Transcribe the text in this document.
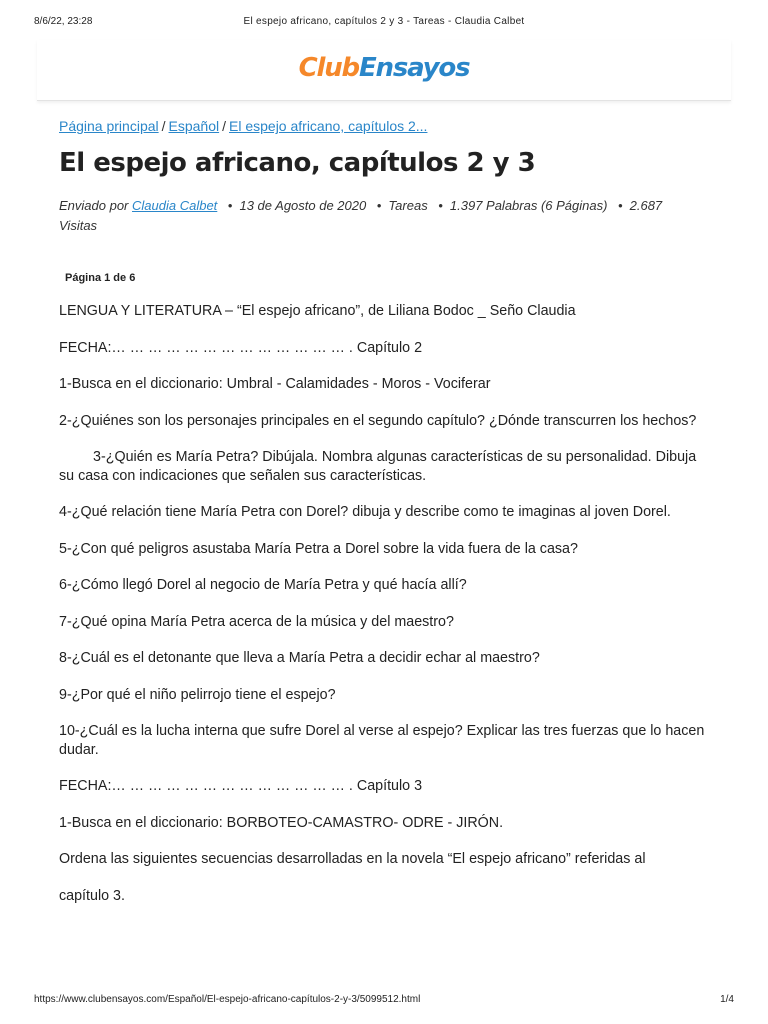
8/6/22, 23:28	El espejo africano, capítulos 2 y 3 - Tareas - Claudia Calbet
ClubEnsayos
Página principal / Español / El espejo africano, capítulos 2...
El espejo africano, capítulos 2 y 3
Enviado por Claudia Calbet • 13 de Agosto de 2020 • Tareas • 1.397 Palabras (6 Páginas) • 2.687 Visitas
Página 1 de 6

LENGUA Y LITERATURA – “El espejo africano”, de Liliana Bodoc _ Seño Claudia

FECHA:… … … … … … … … … … … … … . Capítulo 2

1-Busca en el diccionario: Umbral - Calamidades - Moros - Vociferar

2-¿Quiénes son los personajes principales en el segundo capítulo? ¿Dónde transcurren los hechos?

3-¿Quién es María Petra? Dibújala. Nombra algunas características de su personalidad. Dibuja su casa con indicaciones que señalen sus características.

4-¿Qué relación tiene María Petra con Dorel? dibuja y describe como te imaginas al joven Dorel.

5-¿Con qué peligros asustaba María Petra a Dorel sobre la vida fuera de la casa?

6-¿Cómo llegó Dorel al negocio de María Petra y qué hacía allí?

7-¿Qué opina María Petra acerca de la música y del maestro?

8-¿Cuál es el detonante que lleva a María Petra a decidir echar al maestro?

9-¿Por qué el niño pelirrojo tiene el espejo?

10-¿Cuál es la lucha interna que sufre Dorel al verse al espejo? Explicar las tres fuerzas que lo hacen dudar.

FECHA:… … … … … … … … … … … … … . Capítulo 3

1-Busca en el diccionario: BORBOTEO-CAMASTRO- ODRE - JIRÓN.

Ordena las siguientes secuencias desarrolladas en la novela “El espejo africano” referidas al

capítulo 3.

https://www.clubensayos.com/Español/El-espejo-africano-capítulos-2-y-3/5099512.html	1/4
